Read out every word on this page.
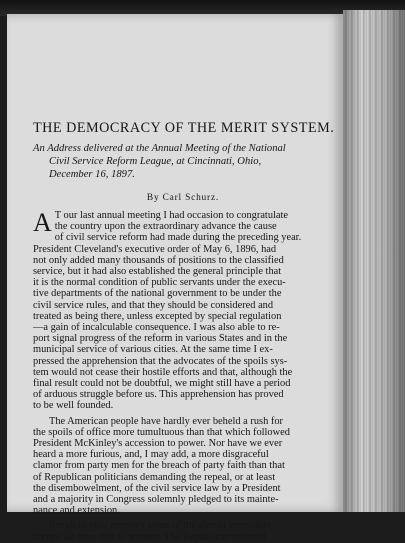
THE DEMOCRACY OF THE MERIT SYSTEM.
An Address delivered at the Annual Meeting of the National
Civil Service Reform League, at Cincinnati, Ohio,
December 16, 1897.
By Carl Schurz.
A T our last annual meeting I had occasion to congratulate
the country upon the extraordinary advance the cause
of civil service reform had made during the preceding year.
President Cleveland's executive order of May 6, 1896, had
not only added many thousands of positions to the classified
service, but it had also established the general principle that
it is the normal condition of public servants under the execu-
tive departments of the national government to be under the
civil service rules, and that they should be considered and
treated as being there, unless excepted by special regulation
—a gain of incalculable consequence. I was also able to re-
port signal progress of the reform in various States and in the
municipal service of various cities. At the same time I ex-
pressed the apprehension that the advocates of the spoils sys-
tem would not cease their hostile efforts and that, although the
final result could not be doubtful, we might still have a period
of arduous struggle before us. This apprehension has proved
to be well founded.
The American people have hardly ever beheld a rush for
the spoils of office more tumultuous than that which followed
President McKinley's accession to power. Nor have we ever
heard a more furious, and, I may add, a more disgraceful
clamor from party men for the breach of party faith than that
of Republican politicians demanding the repeal, or at least
the disembowelment, of the civil service law by a President
and a majority in Congress solemnly pledged to its mainte-
nance and extension.
Recall to your memory some of the almost incredible
scenes we have had to witness. The Republican national
